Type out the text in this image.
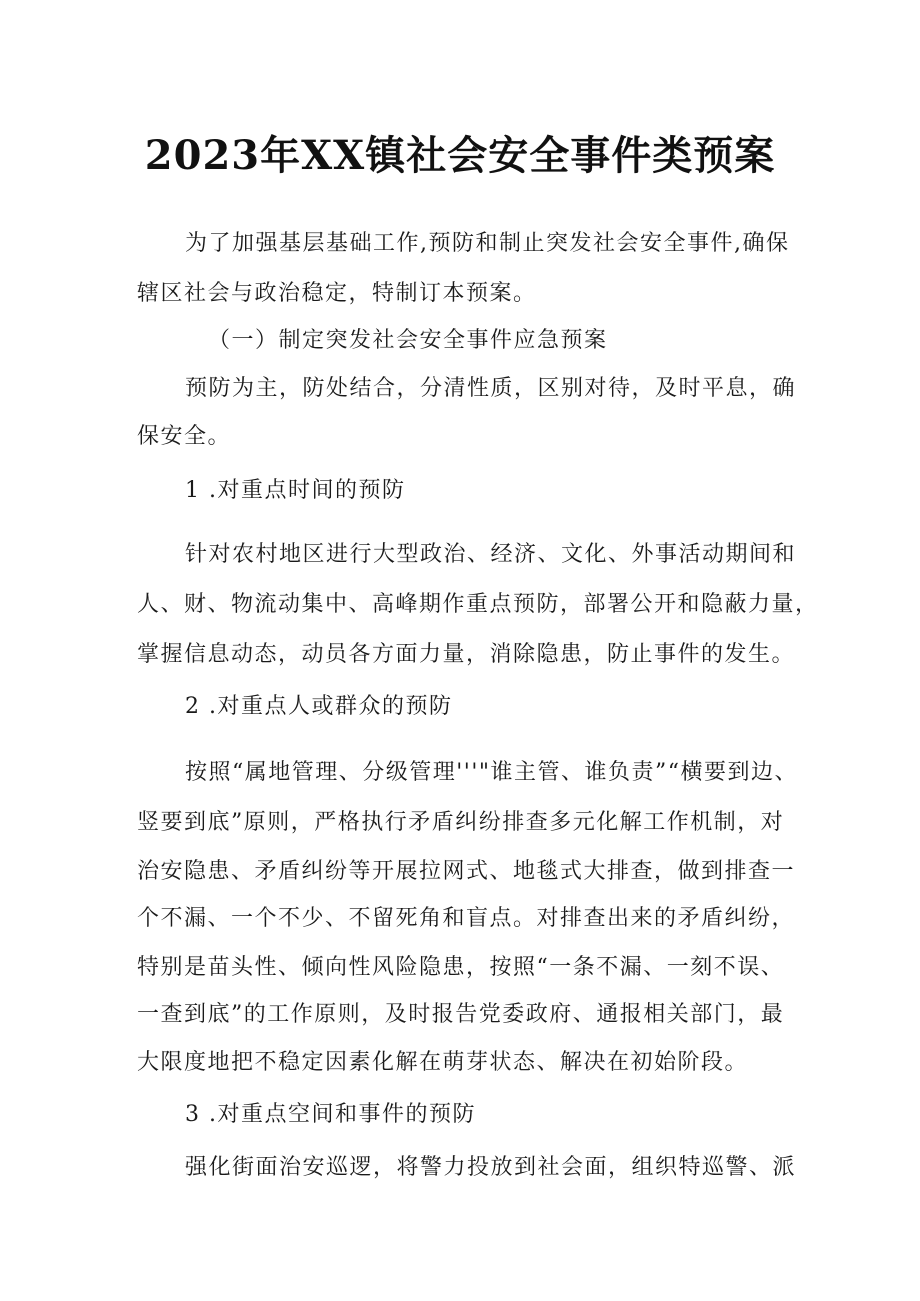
2023年XX镇社会安全事件类预案
为了加强基层基础工作,预防和制止突发社会安全事件,确保
辖区社会与政治稳定，特制订本预案。
（一）制定突发社会安全事件应急预案
预防为主，防处结合，分清性质，区别对待，及时平息，确
保安全。
1 .对重点时间的预防
针对农村地区进行大型政治、经济、文化、外事活动期间和
人、财、物流动集中、高峰期作重点预防，部署公开和隐蔽力量，
掌握信息动态，动员各方面力量，消除隐患，防止事件的发生。
2 .对重点人或群众的预防
按照“属地管理、分级管理'''"谁主管、谁负责”“横要到边、
竖要到底”原则，严格执行矛盾纠纷排查多元化解工作机制，对
治安隐患、矛盾纠纷等开展拉网式、地毯式大排查，做到排查一
个不漏、一个不少、不留死角和盲点。对排查出来的矛盾纠纷，
特别是苗头性、倾向性风险隐患，按照“一条不漏、一刻不误、
一查到底”的工作原则，及时报告党委政府、通报相关部门，最
大限度地把不稳定因素化解在萌芽状态、解决在初始阶段。
3 .对重点空间和事件的预防
强化街面治安巡逻，将警力投放到社会面，组织特巡警、派
